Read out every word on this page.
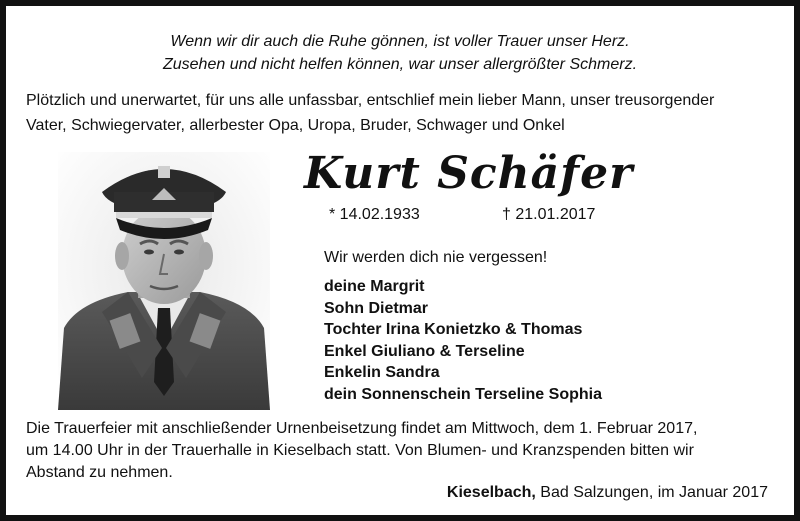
Wenn wir dir auch die Ruhe gönnen, ist voller Trauer unser Herz.
Zusehen und nicht helfen können, war unser allergrößter Schmerz.
Plötzlich und unerwartet, für uns alle unfassbar, entschlief mein lieber Mann, unser treusorgender
Vater, Schwiegervater, allerbester Opa, Uropa, Bruder, Schwager und Onkel
Kurt Schäfer
* 14.02.1933	† 21.01.2017
Wir werden dich nie vergessen!
deine Margrit
Sohn Dietmar
Tochter Irina Konietzko & Thomas
Enkel Giuliano & Terseline
Enkelin Sandra
dein Sonnenschein Terseline Sophia
Die Trauerfeier mit anschließender Urnenbeisetzung findet am Mittwoch, dem 1. Februar 2017,
um 14.00 Uhr in der Trauerhalle in Kieselbach statt. Von Blumen- und Kranzspenden bitten wir
Abstand zu nehmen.
Kieselbach, Bad Salzungen, im Januar 2017
